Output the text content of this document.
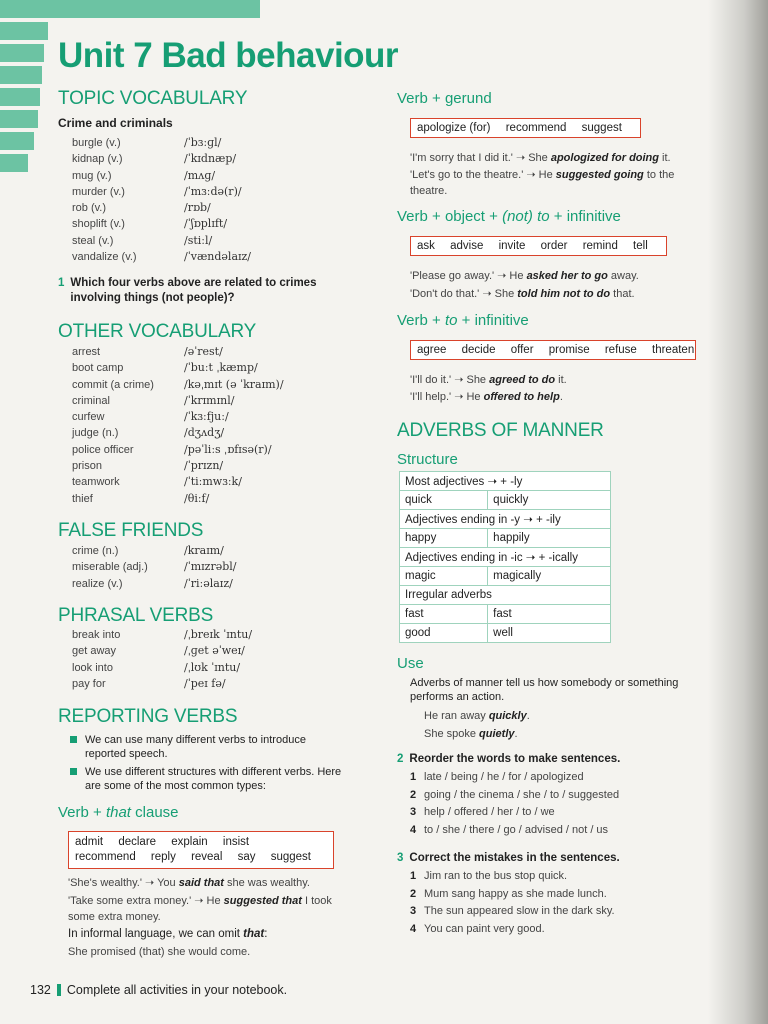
Unit 7 Bad behaviour
TOPIC VOCABULARY
Crime and criminals
burgle (v.)	/ˈbɜːɡl/
kidnap (v.)	/ˈkɪdnæp/
mug (v.)	/mʌɡ/
murder (v.)	/ˈmɜːdə(r)/
rob (v.)	/rɒb/
shoplift (v.)	/ˈʃɒplɪft/
steal (v.)	/stiːl/
vandalize (v.)	/ˈvændəlaɪz/
1 Which four verbs above are related to crimes involving things (not people)?
OTHER VOCABULARY
arrest	/əˈrest/
boot camp	/ˈbuːt ˌkæmp/
commit (a crime)	/kəˌmɪt (ə ˈkraɪm)/
criminal	/ˈkrɪmɪnl/
curfew	/ˈkɜːfjuː/
judge (n.)	/dʒʌdʒ/
police officer	/pəˈliːs ˌɒfɪsə(r)/
prison	/ˈprɪzn/
teamwork	/ˈtiːmwɜːk/
thief	/θiːf/
FALSE FRIENDS
crime (n.)	/kraɪm/
miserable (adj.)	/ˈmɪzrəbl/
realize (v.)	/ˈriːəlaɪz/
PHRASAL VERBS
break into	/ˌbreɪk ˈɪntu/
get away	/ˌɡet əˈweɪ/
look into	/ˌlʊk ˈɪntu/
pay for	/ˈpeɪ fə/
REPORTING VERBS
We can use many different verbs to introduce reported speech.
We use different structures with different verbs. Here are some of the most common types:
Verb + that clause
admit declare explain insist recommend reply reveal say suggest
'She's wealthy.' ➝ You said that she was wealthy.
'Take some extra money.' ➝ He suggested that I took some extra money.
In informal language, we can omit that:
She promised (that) she would come.
Verb + gerund
apologize (for) recommend suggest
'I'm sorry that I did it.' ➝ She apologized for doing it.
'Let's go to the theatre.' ➝ He suggested going to the theatre.
Verb + object + (not) to + infinitive
ask advise invite order remind tell
'Please go away.' ➝ He asked her to go away.
'Don't do that.' ➝ She told him not to do that.
Verb + to + infinitive
agree decide offer promise refuse threaten
'I'll do it.' ➝ She agreed to do it.
'I'll help.' ➝ He offered to help.
ADVERBS OF MANNER
Structure
Most adjectives ➝ + -ly	
quick	quickly
Adjectives ending in -y ➝ + -ily	
happy	happily
Adjectives ending in -ic ➝ + -ically	
magic	magically
Irregular adverbs	
fast	fast
good	well
Use
Adverbs of manner tell us how somebody or something performs an action.
He ran away quickly.
She spoke quietly.
2 Reorder the words to make sentences.
1 late / being / he / for / apologized
2 going / the cinema / she / to / suggested
3 help / offered / her / to / we
4 to / she / there / go / advised / not / us
3 Correct the mistakes in the sentences.
1 Jim ran to the bus stop quick.
2 Mum sang happy as she made lunch.
3 The sun appeared slow in the dark sky.
4 You can paint very good.
132 Complete all activities in your notebook.
